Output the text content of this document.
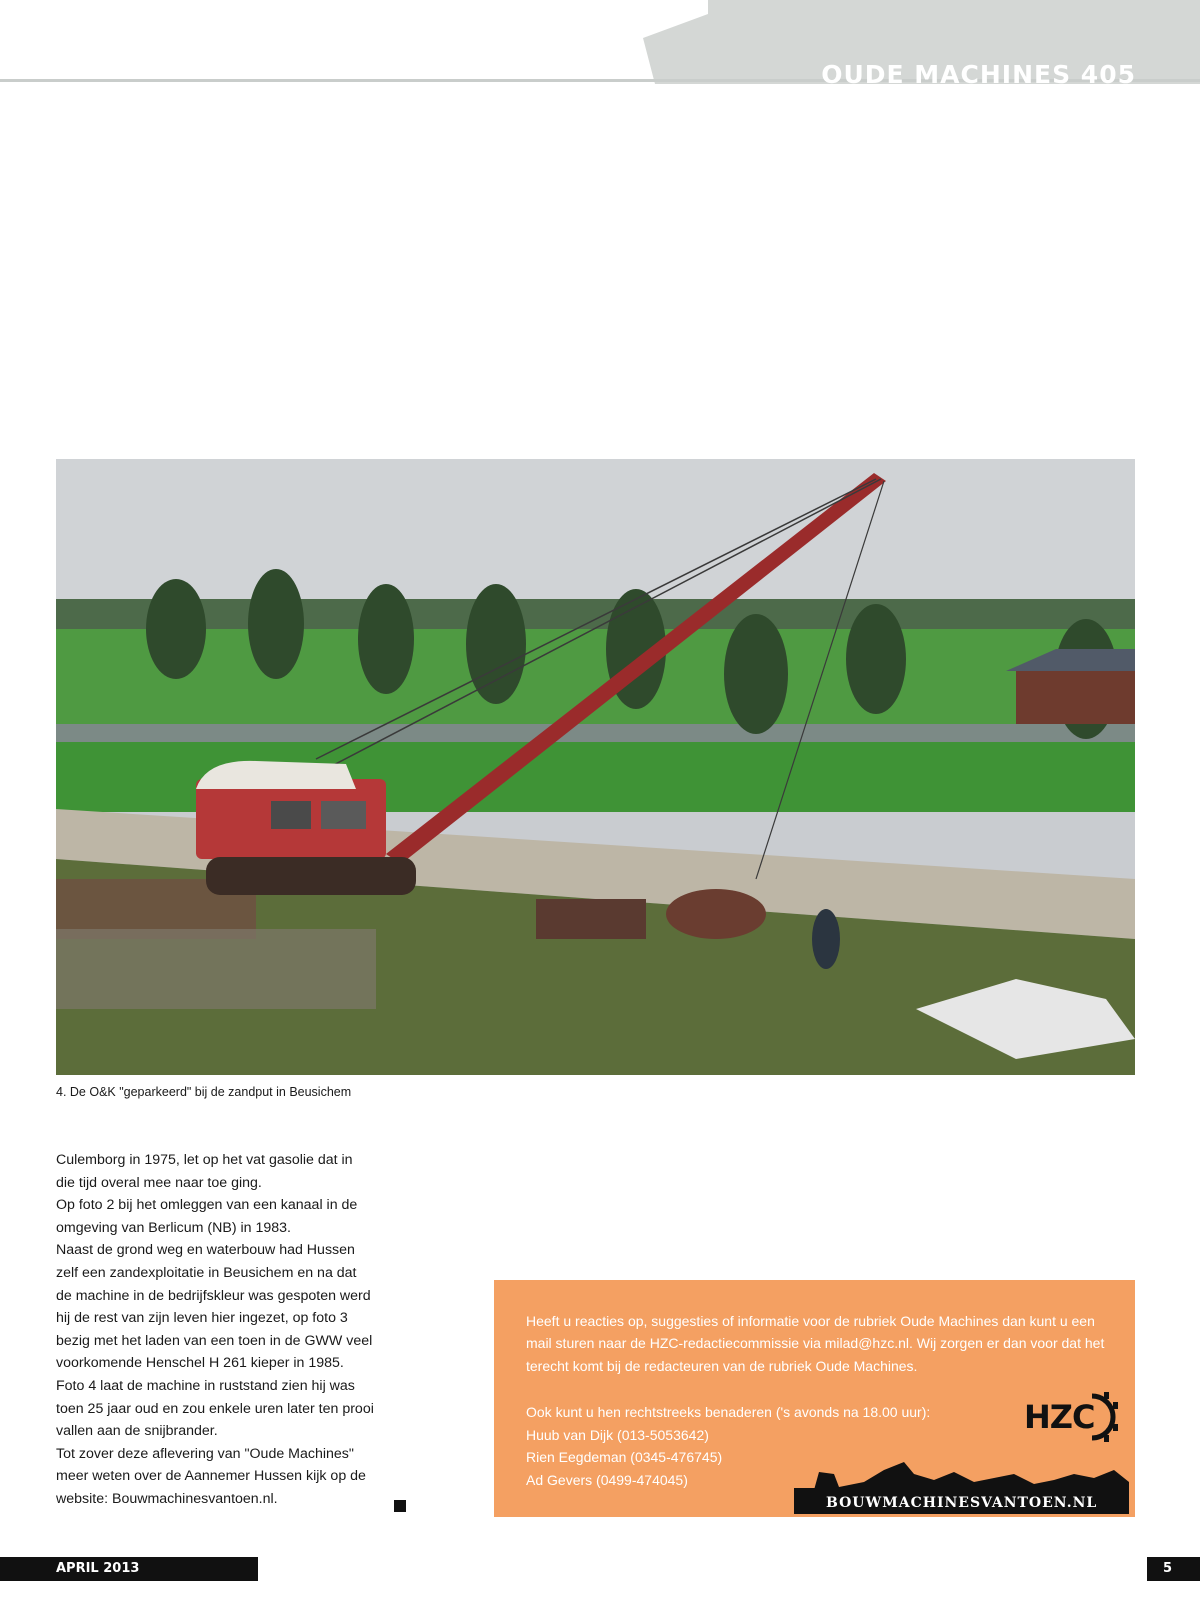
OUDE MACHINES 405

4. De O&K "geparkeerd" bij de zandput in Beusichem

Culemborg in 1975, let op het vat gasolie dat in

die tijd overal mee naar toe ging.

Op foto 2 bij het omleggen van een kanaal in de

omgeving van Berlicum (NB) in 1983.

Naast de grond weg en waterbouw had Hussen

zelf een zandexploitatie in Beusichem en na dat

de machine in de bedrijfskleur was gespoten werd

hij de rest van zijn leven hier ingezet, op foto 3

bezig met het laden van een toen in de GWW veel

voorkomende Henschel H 261 kieper in 1985.

Foto 4 laat de machine in ruststand zien hij was

toen 25 jaar oud en zou enkele uren later ten prooi

vallen aan de snijbrander.

Tot zover deze aflevering van "Oude Machines"

meer weten over de Aannemer Hussen kijk op de

website: Bouwmachinesvantoen.nl.

Heeft u reacties op, suggesties of informatie voor de rubriek Oude Machines dan kunt u een mail sturen naar de HZC-redactiecommissie via milad@hzc.nl. Wij zorgen er dan voor dat het terecht komt bij de redacteuren van de rubriek Oude Machines.

Ook kunt u hen rechtstreeks benaderen ('s avonds na 18.00 uur):

Huub van Dijk (013-5053642)

Rien Eegdeman (0345-476745)

Ad Gevers (0499-474045)

HZC

BOUWMACHINESVANTOEN.NL

APRIL 2013	5
